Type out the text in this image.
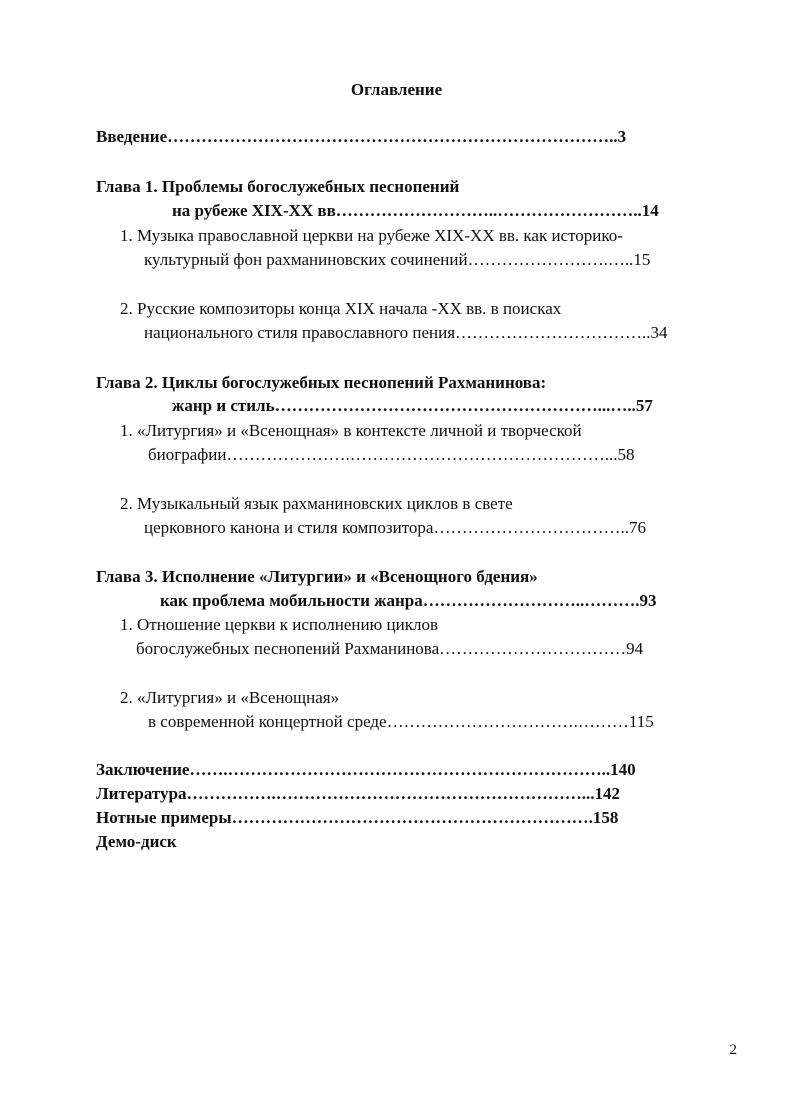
Оглавление
Введение……………………………………………………………………..3
Глава 1. Проблемы богослужебных песнопений
на рубеже XIX-XX вв………………………..……………………..14
1. Музыка православной церкви на рубеже XIX-XX вв. как историко-
культурный фон рахманиновских сочинений…………………….…..15
2. Русские композиторы конца XIX начала -XX вв. в поисках
национального стиля православного пения……………………………..34
Глава 2. Циклы богослужебных песнопений Рахманинова:
жанр и стиль…………………………………………………...…..57
1. «Литургия» и «Всенощная» в контексте личной и творческой
биографии………………….………………………………………...58
2. Музыкальный язык рахманиновских циклов в свете
церковного канона и стиля композитора……………………………..76
Глава 3. Исполнение «Литургии» и «Всенощного бдения»
как проблема мобильности жанра………………………..……….93
1. Отношение церкви к исполнению циклов
богослужебных песнопений Рахманинова……………………………94
2. «Литургия» и «Всенощная»
в современной концертной среде…………………………….………115
Заключение…….…………………………………………………………..140
Литература…………….………………………………………………...142
Нотные примеры……………………………………………………….158
Демо-диск
2
